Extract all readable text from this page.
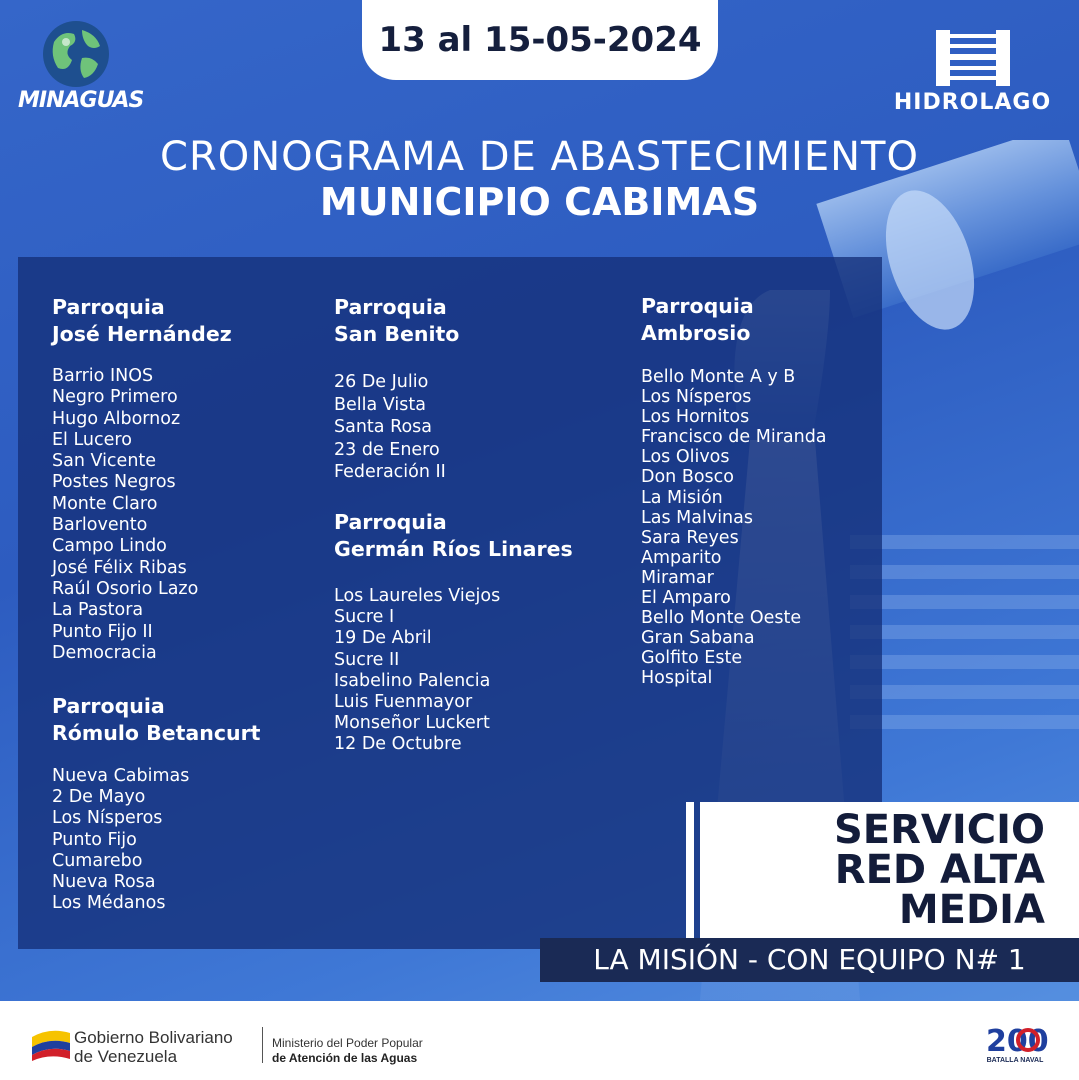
13 al 15-05-2024
MINAGUAS	HIDROLAGO
CRONOGRAMA DE ABASTECIMIENTO
MUNICIPIO CABIMAS
Parroquia
José Hernández
Barrio INOS
Negro Primero
Hugo Albornoz
El Lucero
San Vicente
Postes Negros
Monte Claro
Barlovento
Campo Lindo
José Félix Ribas
Raúl Osorio Lazo
La Pastora
Punto Fijo II
Democracia
Parroquia
Rómulo Betancurt
Nueva Cabimas
2 De Mayo
Los Nísperos
Punto Fijo
Cumarebo
Nueva Rosa
Los Médanos
Parroquia
San Benito
26 De Julio
Bella Vista
Santa Rosa
23 de Enero
Federación II
Parroquia
Germán Ríos Linares
Los Laureles Viejos
Sucre I
19 De Abril
Sucre II
Isabelino Palencia
Luis Fuenmayor
Monseñor Luckert
12 De Octubre
Parroquia
Ambrosio
Bello Monte A y B
Los Nísperos
Los Hornitos
Francisco de Miranda
Los Olivos
Don Bosco
La Misión
Las Malvinas
Sara Reyes
Amparito
Miramar
El Amparo
Bello Monte Oeste
Gran Sabana
Golfito Este
Hospital
SERVICIO
RED ALTA
MEDIA
LA MISIÓN - CON EQUIPO N# 1
Gobierno Bolivariano
de Venezuela
Ministerio del Poder Popular
de Atención de las Aguas	200
BATALLA NAVAL
